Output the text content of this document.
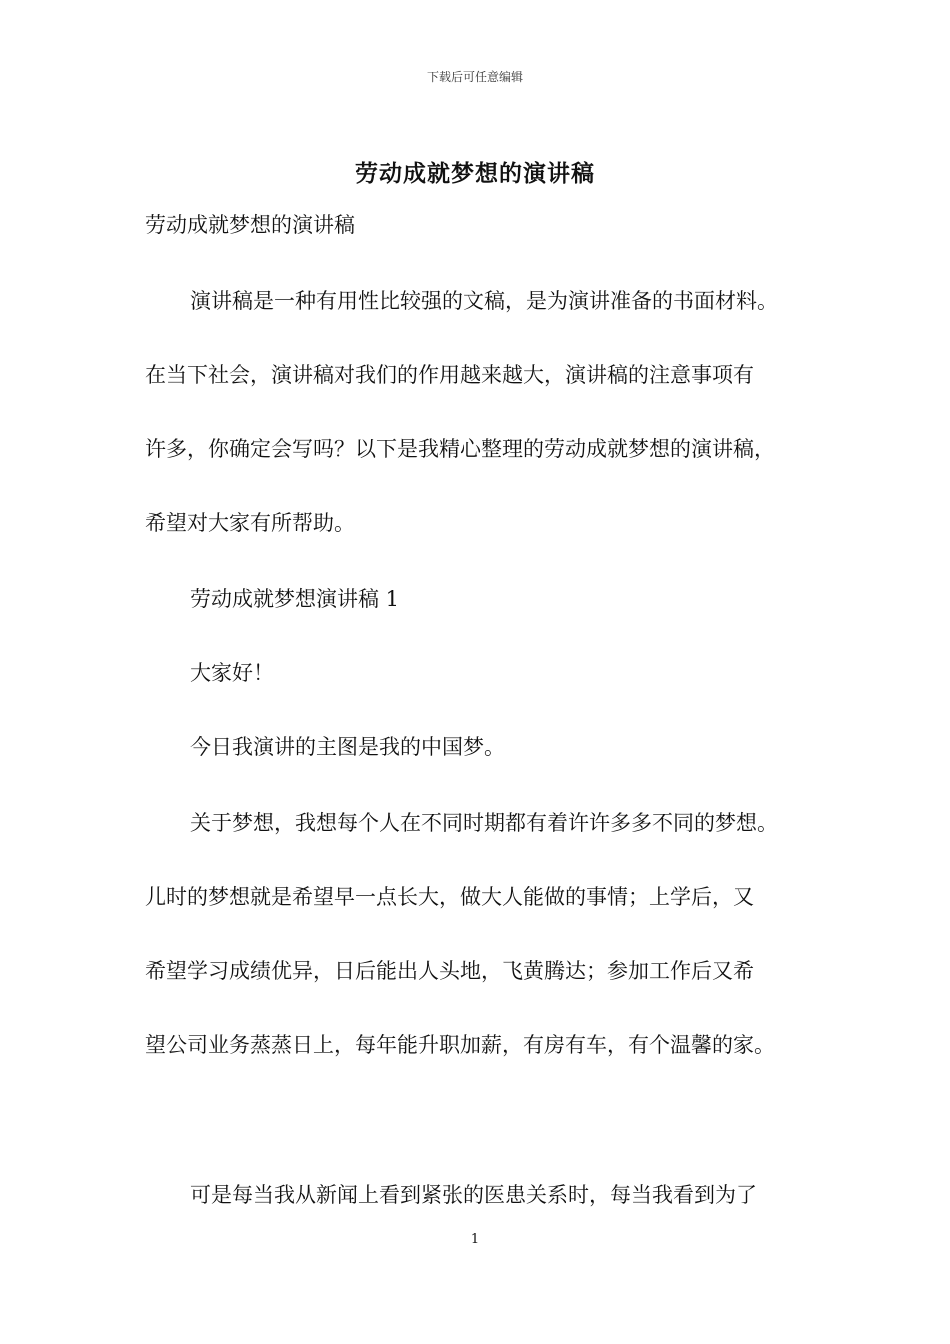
下载后可任意编辑
劳动成就梦想的演讲稿
劳动成就梦想的演讲稿
演讲稿是一种有用性比较强的文稿，是为演讲准备的书面材料。
在当下社会，演讲稿对我们的作用越来越大，演讲稿的注意事项有
许多，你确定会写吗？以下是我精心整理的劳动成就梦想的演讲稿，
希望对大家有所帮助。
劳动成就梦想演讲稿 1
大家好！
今日我演讲的主图是我的中国梦。
关于梦想，我想每个人在不同时期都有着许许多多不同的梦想。
儿时的梦想就是希望早一点长大，做大人能做的事情；上学后，又
希望学习成绩优异，日后能出人头地，飞黄腾达；参加工作后又希
望公司业务蒸蒸日上，每年能升职加薪，有房有车，有个温馨的家。
可是每当我从新闻上看到紧张的医患关系时，每当我看到为了
1
